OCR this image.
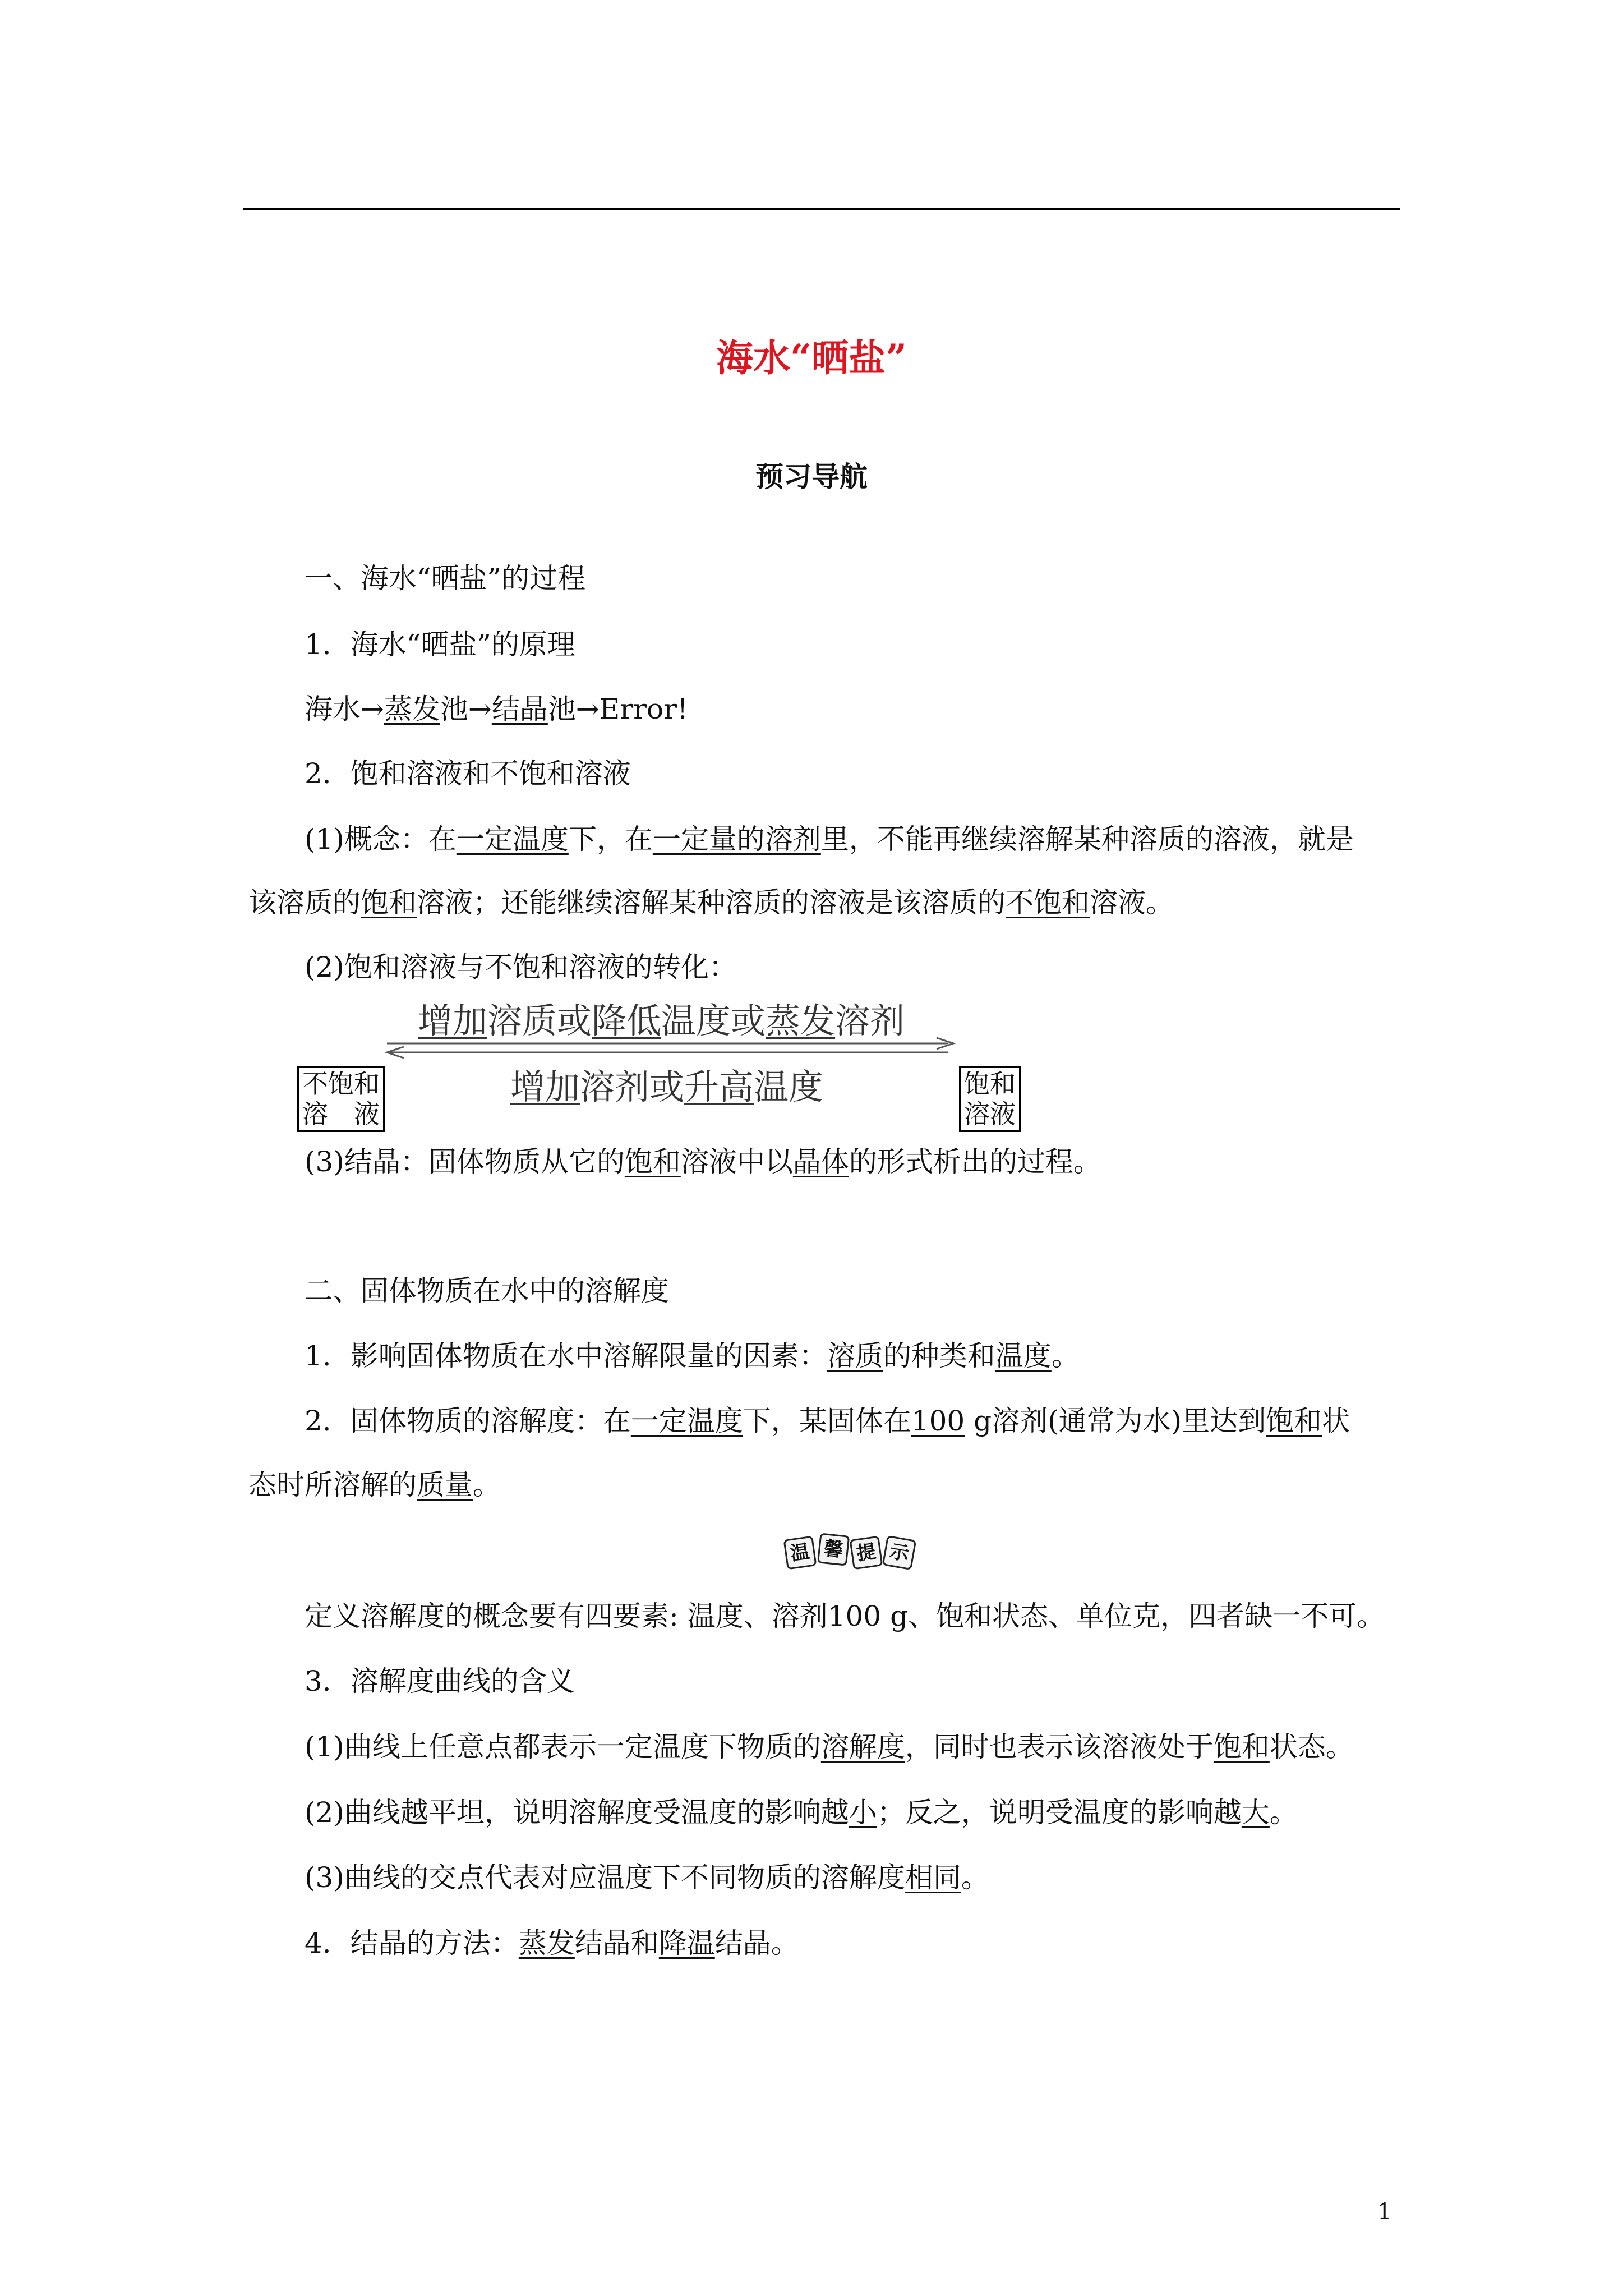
海水“晒盐”
预习导航
一、海水“晒盐”的过程
1．海水“晒盐”的原理
海水→蒸发池→结晶池→Error!
2．饱和溶液和不饱和溶液
(1)概念：在一定温度下，在一定量的溶剂里，不能再继续溶解某种溶质的溶液，就是
该溶质的饱和溶液；还能继续溶解某种溶质的溶液是该溶质的不饱和溶液。
(2)饱和溶液与不饱和溶液的转化：
不饱和
溶　液
饱和
溶液
增加溶质或降低温度或蒸发溶剂
增加溶剂或升高温度
(3)结晶：固体物质从它的饱和溶液中以晶体的形式析出的过程。
二、固体物质在水中的溶解度
1．影响固体物质在水中溶解限量的因素：溶质的种类和温度。
2．固体物质的溶解度：在一定温度下，某固体在100 g溶剂(通常为水)里达到饱和状
态时所溶解的质量。
温 馨 提 示
定义溶解度的概念要有四要素: 温度、溶剂100 g、饱和状态、单位克，四者缺一不可。
3．溶解度曲线的含义
(1)曲线上任意点都表示一定温度下物质的溶解度，同时也表示该溶液处于饱和状态。
(2)曲线越平坦，说明溶解度受温度的影响越小；反之，说明受温度的影响越大。
(3)曲线的交点代表对应温度下不同物质的溶解度相同。
4．结晶的方法：蒸发结晶和降温结晶。
1
